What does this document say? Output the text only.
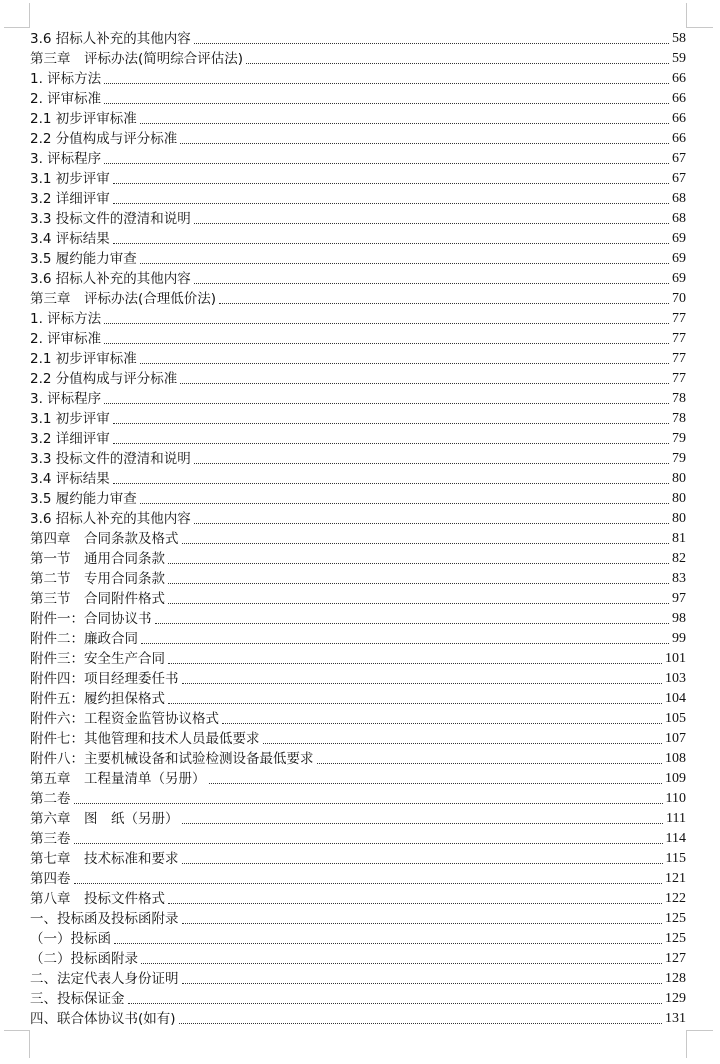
3.6 招标人补充的其他内容	58
第三章　评标办法(简明综合评估法)	59
1. 评标方法	66
2. 评审标准	66
2.1 初步评审标准	66
2.2 分值构成与评分标准	66
3. 评标程序	67
3.1 初步评审	67
3.2 详细评审	68
3.3 投标文件的澄清和说明	68
3.4 评标结果	69
3.5 履约能力审查	69
3.6 招标人补充的其他内容	69
第三章　评标办法(合理低价法)	70
1. 评标方法	77
2. 评审标准	77
2.1 初步评审标准	77
2.2 分值构成与评分标准	77
3. 评标程序	78
3.1 初步评审	78
3.2 详细评审	79
3.3 投标文件的澄清和说明	79
3.4 评标结果	80
3.5 履约能力审查	80
3.6 招标人补充的其他内容	80
第四章　合同条款及格式	81
第一节　通用合同条款	82
第二节　专用合同条款	83
第三节　合同附件格式	97
附件一：合同协议书	98
附件二：廉政合同	99
附件三：安全生产合同	101
附件四：项目经理委任书	103
附件五：履约担保格式	104
附件六：工程资金监管协议格式	105
附件七：其他管理和技术人员最低要求	107
附件八：主要机械设备和试验检测设备最低要求	108
第五章　工程量清单（另册）	109
第二卷	110
第六章　图　纸（另册）	111
第三卷	114
第七章　技术标准和要求	115
第四卷	121
第八章　投标文件格式	122
一、投标函及投标函附录	125
（一）投标函	125
（二）投标函附录	127
二、法定代表人身份证明	128
三、投标保证金	129
四、联合体协议书(如有)	131
